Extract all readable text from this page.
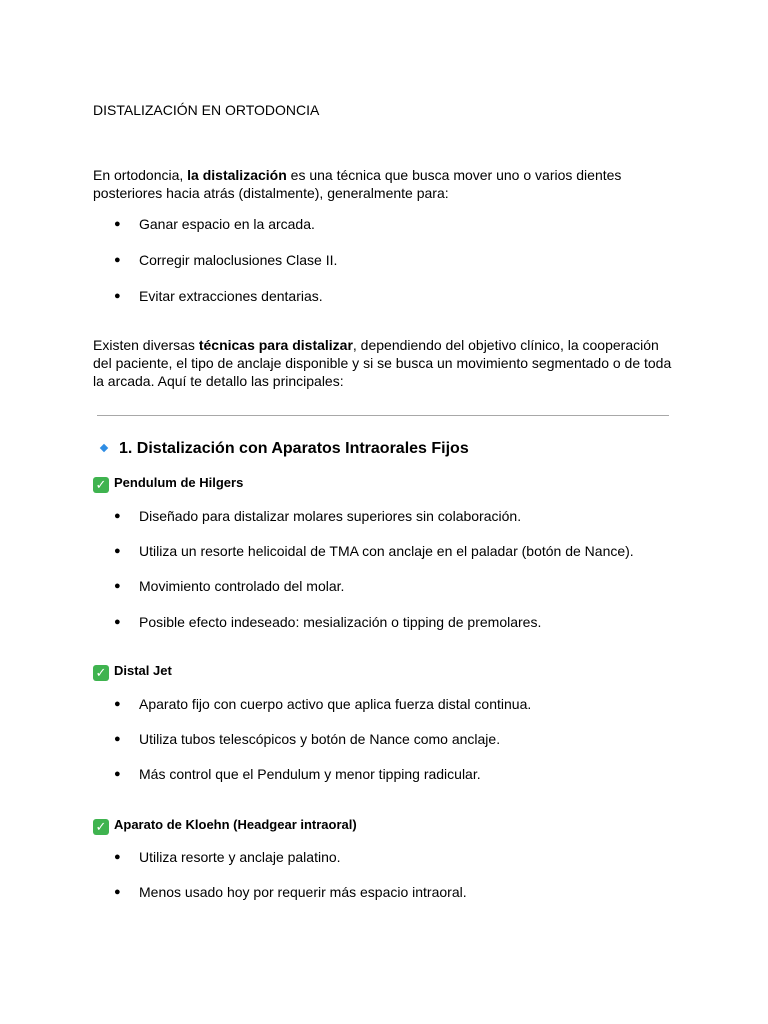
DISTALIZACIÓN EN ORTODONCIA

En ortodoncia, la distalización es una técnica que busca mover uno o varios dientes posteriores hacia atrás (distalmente), generalmente para:

● Ganar espacio en la arcada.
● Corregir maloclusiones Clase II.
● Evitar extracciones dentarias.

Existen diversas técnicas para distalizar, dependiendo del objetivo clínico, la cooperación del paciente, el tipo de anclaje disponible y si se busca un movimiento segmentado o de toda la arcada. Aquí te detallo las principales:

1. Distalización con Aparatos Intraorales Fijos
✓ Pendulum de Hilgers
● Diseñado para distalizar molares superiores sin colaboración.
● Utiliza un resorte helicoidal de TMA con anclaje en el paladar (botón de Nance).
● Movimiento controlado del molar.
● Posible efecto indeseado: mesialización o tipping de premolares.
✓ Distal Jet
● Aparato fijo con cuerpo activo que aplica fuerza distal continua.
● Utiliza tubos telescópicos y botón de Nance como anclaje.
● Más control que el Pendulum y menor tipping radicular.
✓ Aparato de Kloehn (Headgear intraoral)
● Utiliza resorte y anclaje palatino.
● Menos usado hoy por requerir más espacio intraoral.
